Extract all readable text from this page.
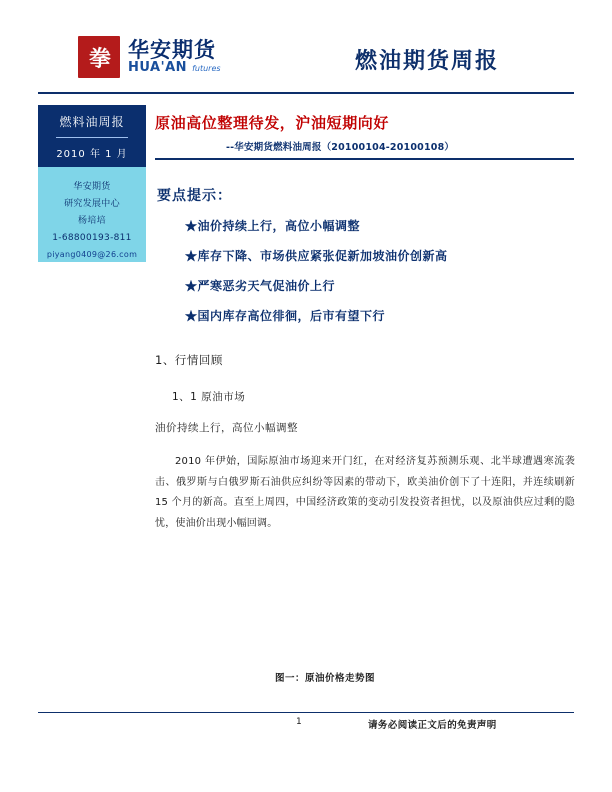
拳 华安期货
HUA'AN futures	燃油期货周报
燃料油周报
2010 年 1 月
华安期货
研究发展中心
杨培培
1-68800193-811
piyang0409@26.com
原油高位整理待发，沪油短期向好
--华安期货燃料油周报（20100104-20100108）
要点提示：
★油价持续上行，高位小幅调整
★库存下降、市场供应紧张促新加坡油价创新高
★严寒恶劣天气促油价上行
★国内库存高位徘徊，后市有望下行
1、行情回顾
1、1 原油市场
油价持续上行，高位小幅调整
2010 年伊始，国际原油市场迎来开门红，在对经济复苏预测乐观、北半球遭遇寒流袭击、俄罗斯与白俄罗斯石油供应纠纷等因素的带动下，欧美油价创下了十连阳，并连续刷新 15 个月的新高。直至上周四，中国经济政策的变动引发投资者担忧，以及原油供应过剩的隐忧，使油价出现小幅回调。
图一：原油价格走势图
1	请务必阅读正文后的免责声明
